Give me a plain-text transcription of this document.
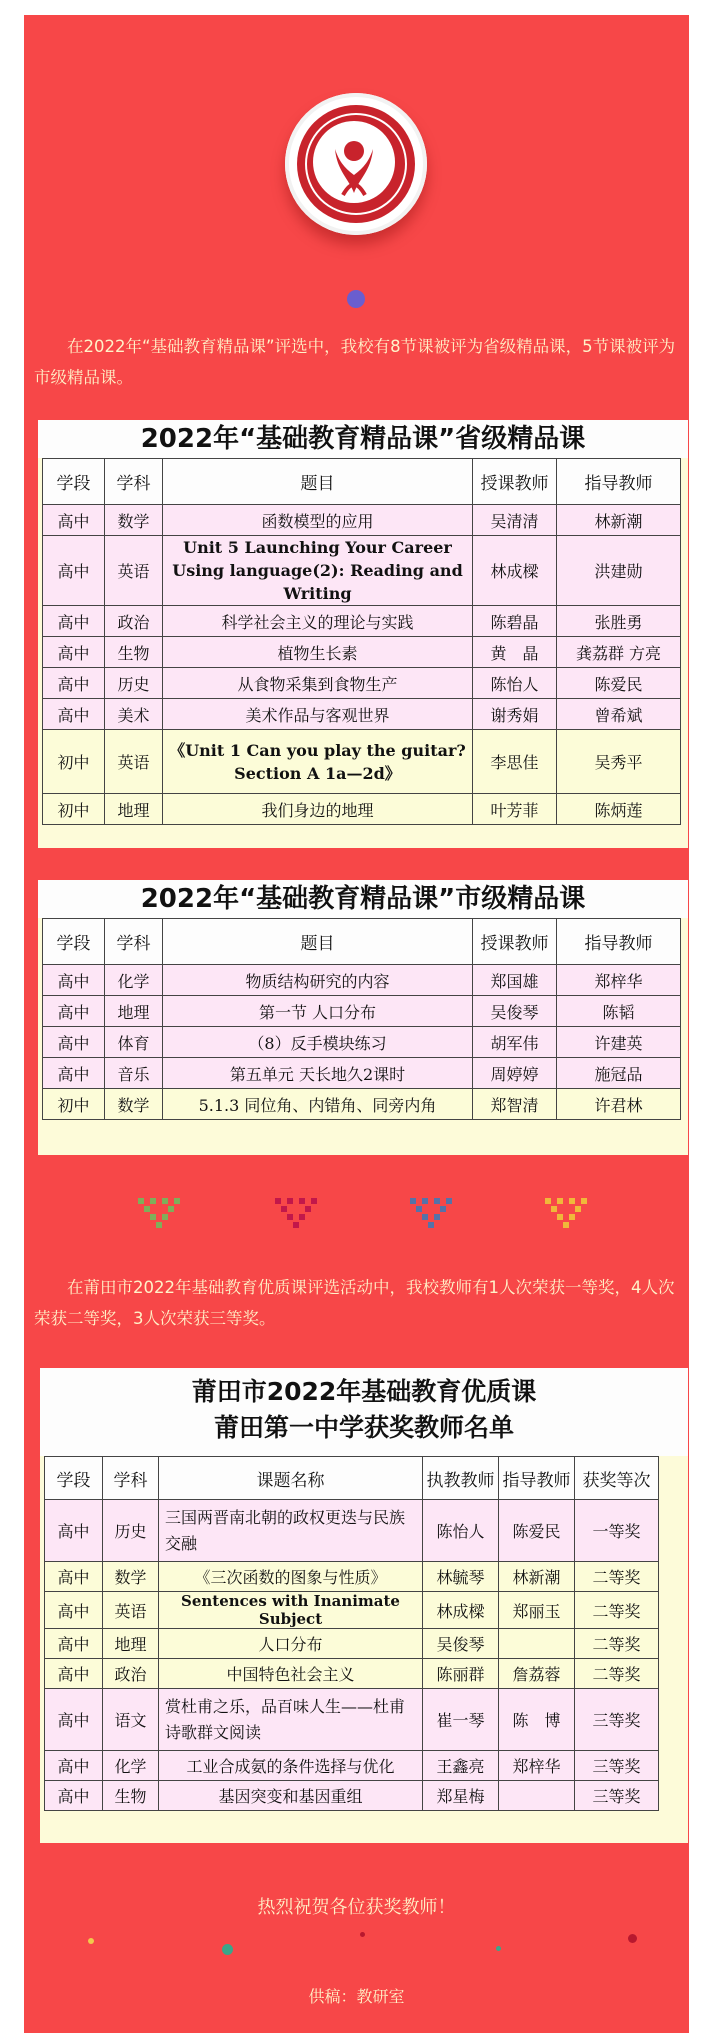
在2022年“基础教育精品课”评选中，我校有8节课被评为省级精品课，5节课被评为市级精品课。

2022年“基础教育精品课”省级精品课
学段	学科	题目	授课教师	指导教师
高中	数学	函数模型的应用	吴清清	林新潮
高中	英语	Unit 5 Launching Your Career Using language(2): Reading and Writing	林成樑	洪建勋
高中	政治	科学社会主义的理论与实践	陈碧晶	张胜勇
高中	生物	植物生长素	黄　晶	龚荔群 方亮
高中	历史	从食物采集到食物生产	陈怡人	陈爱民
高中	美术	美术作品与客观世界	谢秀娟	曾希斌
初中	英语	《Unit 1 Can you play the guitar? Section A 1a—2d》	李思佳	吴秀平
初中	地理	我们身边的地理	叶芳菲	陈炳莲
2022年“基础教育精品课”市级精品课
学段	学科	题目	授课教师	指导教师
高中	化学	物质结构研究的内容	郑国雄	郑梓华
高中	地理	第一节 人口分布	吴俊琴	陈韬
高中	体育	（8）反手模块练习	胡军伟	许建英
高中	音乐	第五单元 天长地久2课时	周婷婷	施冠品
初中	数学	5.1.3 同位角、内错角、同旁内角	郑智清	许君林

在莆田市2022年基础教育优质课评选活动中，我校教师有1人次荣获一等奖，4人次荣获二等奖，3人次荣获三等奖。

莆田市2022年基础教育优质课
莆田第一中学获奖教师名单
学段	学科	课题名称	执教教师	指导教师	获奖等次
高中	历史	三国两晋南北朝的政权更迭与民族交融	陈怡人	陈爱民	一等奖
高中	数学	《三次函数的图象与性质》	林毓琴	林新潮	二等奖
高中	英语	Sentences with Inanimate Subject	林成樑	郑丽玉	二等奖
高中	地理	人口分布	吴俊琴		二等奖
高中	政治	中国特色社会主义	陈丽群	詹荔蓉	二等奖
高中	语文	赏杜甫之乐，品百味人生——杜甫诗歌群文阅读	崔一琴	陈　博	三等奖
高中	化学	工业合成氨的条件选择与优化	王鑫亮	郑梓华	三等奖
高中	生物	基因突变和基因重组	郑星梅		三等奖
热烈祝贺各位获奖教师！
供稿：教研室
